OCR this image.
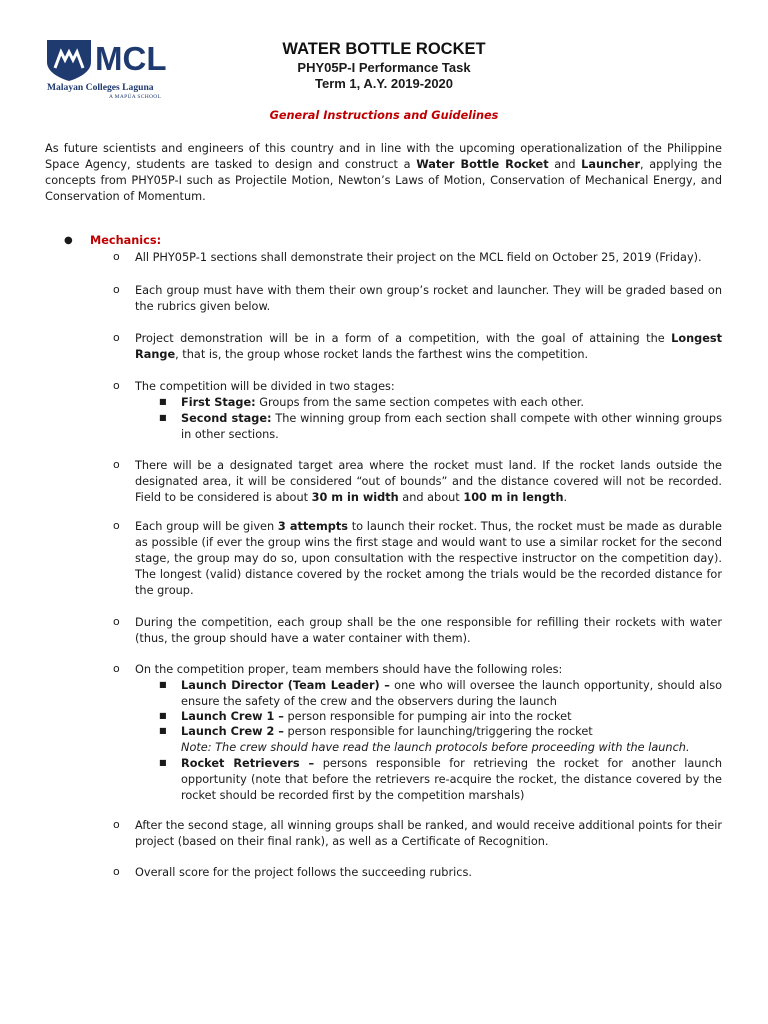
MCL
Malayan Colleges Laguna
A MAPÚA SCHOOL
WATER BOTTLE ROCKET
PHY05P-I Performance Task
Term 1, A.Y. 2019-2020
General Instructions and Guidelines
As future scientists and engineers of this country and in line with the upcoming operationalization of the Philippine Space Agency, students are tasked to design and construct a Water Bottle Rocket and Launcher, applying the concepts from PHY05P-I such as Projectile Motion, Newton’s Laws of Motion, Conservation of Mechanical Energy, and Conservation of Momentum.
● Mechanics:
o All PHY05P-1 sections shall demonstrate their project on the MCL field on October 25, 2019 (Friday).
o Each group must have with them their own group’s rocket and launcher. They will be graded based on the rubrics given below.
o Project demonstration will be in a form of a competition, with the goal of attaining the Longest Range, that is, the group whose rocket lands the farthest wins the competition.
o The competition will be divided in two stages:
■ First Stage: Groups from the same section competes with each other.
■ Second stage: The winning group from each section shall compete with other winning groups in other sections.
o There will be a designated target area where the rocket must land. If the rocket lands outside the designated area, it will be considered “out of bounds” and the distance covered will not be recorded. Field to be considered is about 30 m in width and about 100 m in length.
o Each group will be given 3 attempts to launch their rocket. Thus, the rocket must be made as durable as possible (if ever the group wins the first stage and would want to use a similar rocket for the second stage, the group may do so, upon consultation with the respective instructor on the competition day). The longest (valid) distance covered by the rocket among the trials would be the recorded distance for the group.
o During the competition, each group shall be the one responsible for refilling their rockets with water (thus, the group should have a water container with them).
o On the competition proper, team members should have the following roles:
■ Launch Director (Team Leader) – one who will oversee the launch opportunity, should also ensure the safety of the crew and the observers during the launch
■ Launch Crew 1 – person responsible for pumping air into the rocket
■ Launch Crew 2 – person responsible for launching/triggering the rocket
Note: The crew should have read the launch protocols before proceeding with the launch.
■ Rocket Retrievers – persons responsible for retrieving the rocket for another launch opportunity (note that before the retrievers re-acquire the rocket, the distance covered by the rocket should be recorded first by the competition marshals)
o After the second stage, all winning groups shall be ranked, and would receive additional points for their project (based on their final rank), as well as a Certificate of Recognition.
o Overall score for the project follows the succeeding rubrics.
